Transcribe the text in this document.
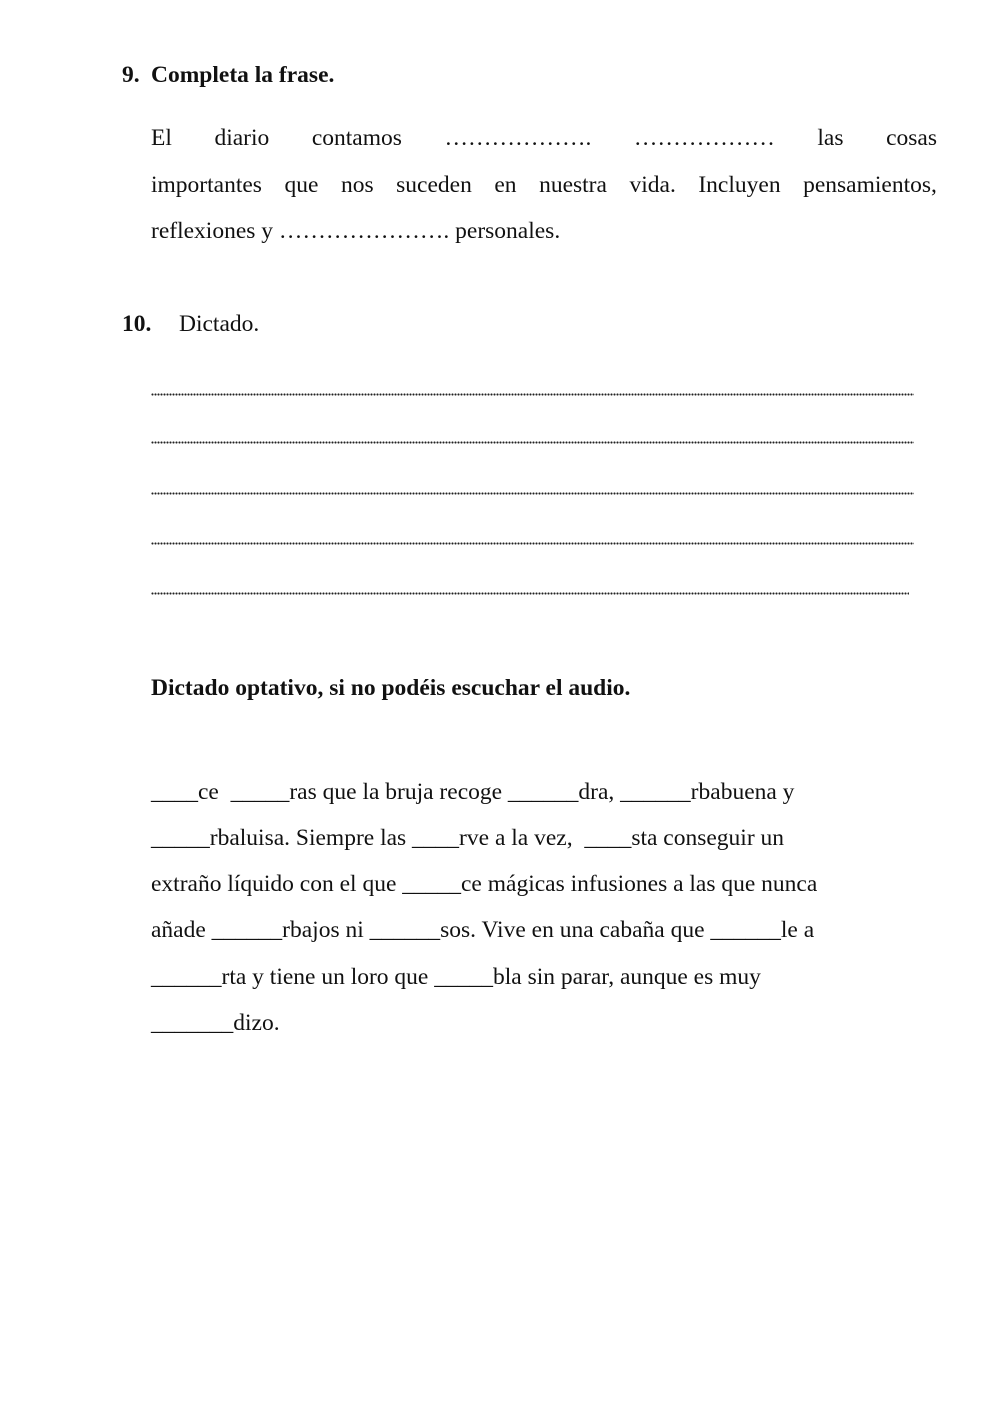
9. Completa la frase.
El diario contamos ………………. ……………… las cosas
importantes que nos suceden en nuestra vida. Incluyen pensamientos,
reflexiones y …………………. personales.
10. Dictado.
Dictado optativo, si no podéis escuchar el audio.
____ce  _____ras que la bruja recoge ______dra, ______rbabuena y
_____rbaluisa. Siempre las ____rve a la vez,  ____sta conseguir un
extraño líquido con el que _____ce mágicas infusiones a las que nunca
añade ______rbajos ni ______sos. Vive en una cabaña que ______le a
______rta y tiene un loro que _____bla sin parar, aunque es muy
_______dizo.
